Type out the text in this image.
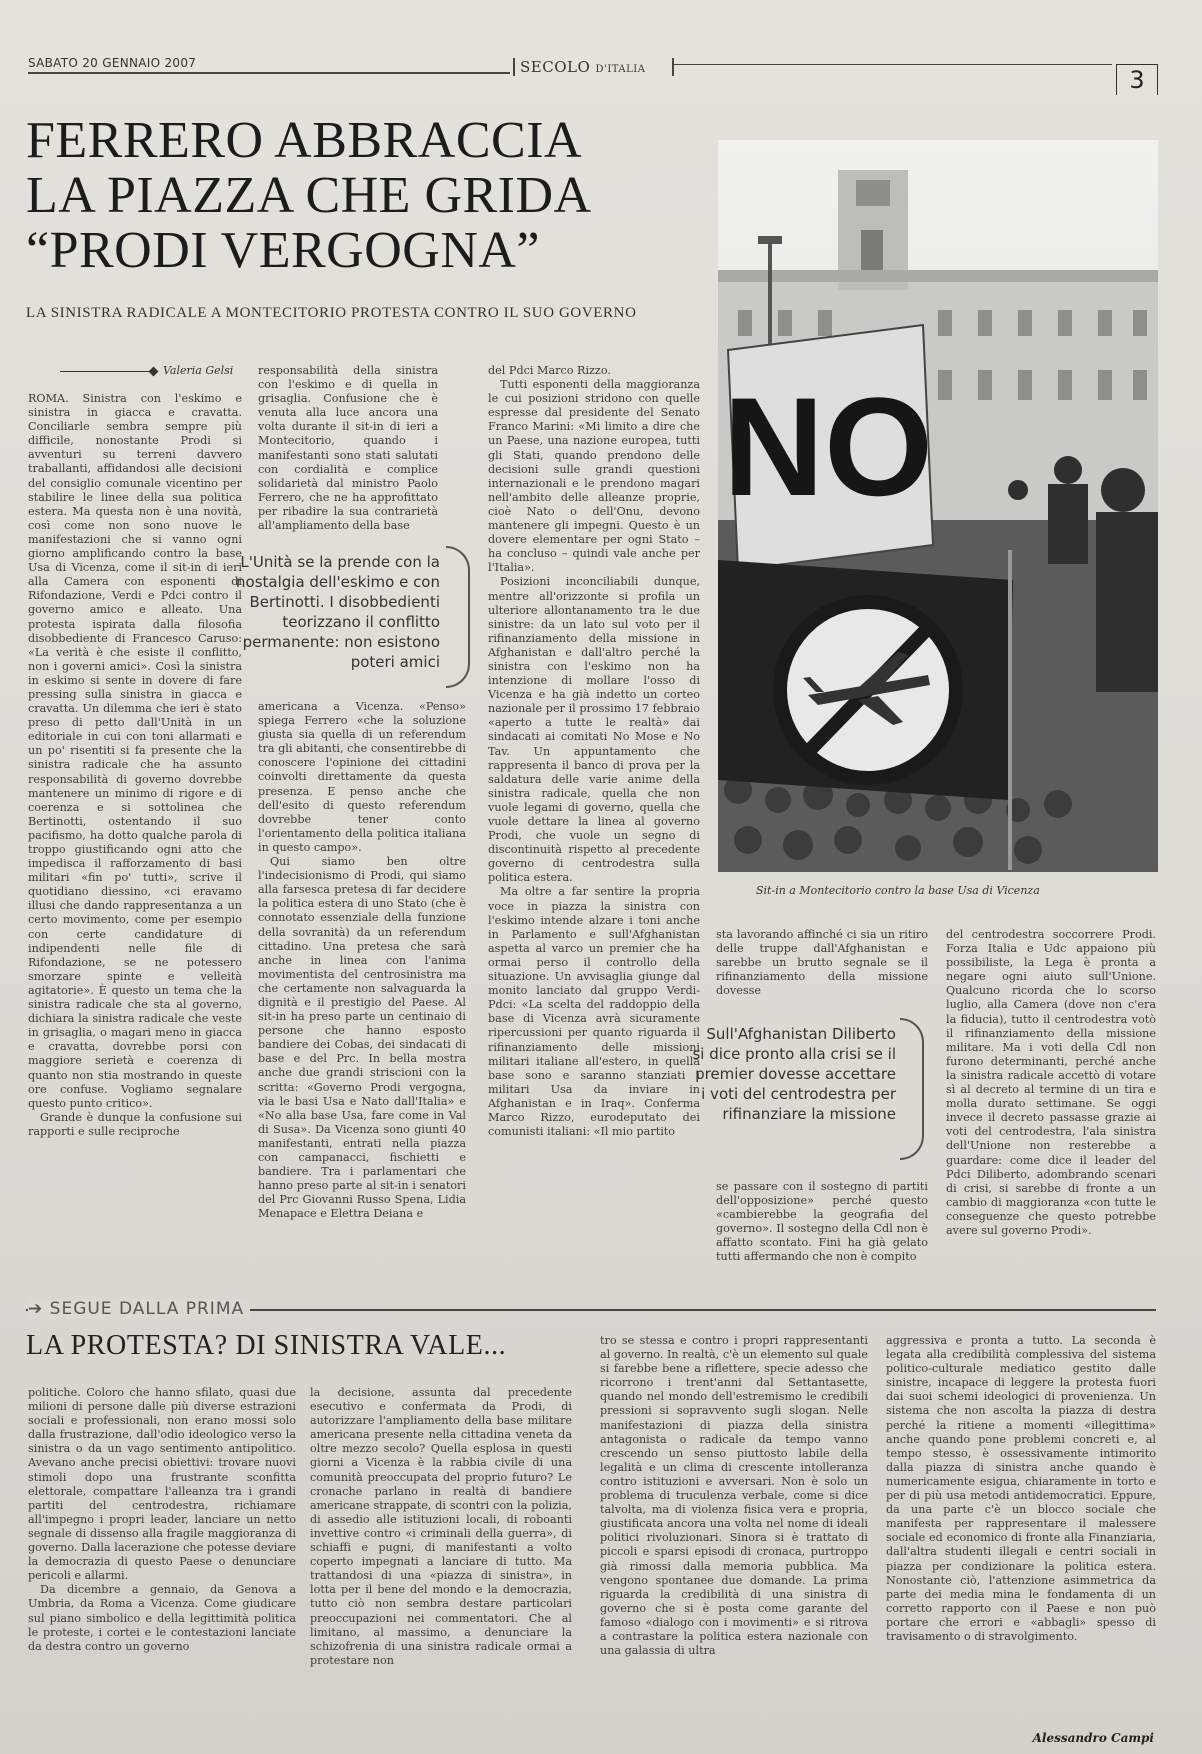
SABATO 20 GENNAIO 2007	SECOLO D'ITALIA	3
FERRERO ABBRACCIA
LA PIAZZA CHE GRIDA
“PRODI VERGOGNA”
LA SINISTRA RADICALE A MONTECITORIO PROTESTA CONTRO IL SUO GOVERNO
NO
Sit-in a Montecitorio contro la base Usa di Vicenza
Valeria Gelsi

ROMA. Sinistra con l'eskimo e sinistra in giacca e cravatta. Conciliarle sembra sempre più difficile, nonostante Prodi si avventuri su terreni davvero traballanti, affidandosi alle decisioni del consiglio comunale vicentino per stabilire le linee della sua politica estera. Ma questa non è una novità, così come non sono nuove le manifestazioni che si vanno ogni giorno amplificando contro la base Usa di Vicenza, come il sit-in di ieri alla Camera con esponenti di Rifondazione, Verdi e Pdci contro il governo amico e alleato. Una protesta ispirata dalla filosofia disobbediente di Francesco Caruso: «La verità è che esiste il conflitto, non i governi amici». Così la sinistra in eskimo si sente in dovere di fare pressing sulla sinistra in giacca e cravatta. Un dilemma che ieri è stato preso di petto dall'Unità in un editoriale in cui con toni allarmati e un po' risentiti si fa presente che la sinistra radicale che ha assunto responsabilità di governo dovrebbe mantenere un minimo di rigore e di coerenza e si sottolinea che Bertinotti, ostentando il suo pacifismo, ha dotto qualche parola di troppo giustificando ogni atto che impedisca il rafforzamento di basi militari «fin po' tutti», scrive il quotidiano diessino, «ci eravamo illusi che dando rappresentanza a un certo movimento, come per esempio con certe candidature di indipendenti nelle file di Rifondazione, se ne potessero smorzare spinte e velleità agitatorie». È questo un tema che la sinistra radicale che sta al governo, dichiara la sinistra radicale che veste in grisaglia, o magari meno in giacca e cravatta, dovrebbe porsi con maggiore serietà e coerenza di quanto non stia mostrando in queste ore confuse. Vogliamo segnalare questo punto critico».

Grande è dunque la confusione sui rapporti e sulle reciproche

responsabilità della sinistra con l'eskimo e di quella in grisaglia. Confusione che è venuta alla luce ancora una volta durante il sit-in di ieri a Montecitorio, quando i manifestanti sono stati salutati con cordialità e complice solidarietà dal ministro Paolo Ferrero, che ne ha approfittato per ribadire la sua contrarietà all'ampliamento della base

americana a Vicenza. «Penso» spiega Ferrero «che la soluzione giusta sia quella di un referendum tra gli abitanti, che consentirebbe di conoscere l'opinione dei cittadini coinvolti direttamente da questa presenza. E penso anche che dell'esito di questo referendum dovrebbe tener conto l'orientamento della politica italiana in questo campo».

Qui siamo ben oltre l'indecisionismo di Prodi, qui siamo alla farsesca pretesa di far decidere la politica estera di uno Stato (che è connotato essenziale della funzione della sovranità) da un referendum cittadino. Una pretesa che sarà anche in linea con l'anima movimentista del centrosinistra ma che certamente non salvaguarda la dignità e il prestigio del Paese. Al sit-in ha preso parte un centinaio di persone che hanno esposto bandiere dei Cobas, dei sindacati di base e del Prc. In bella mostra anche due grandi striscioni con la scritta: «Governo Prodi vergogna, via le basi Usa e Nato dall'Italia» e «No alla base Usa, fare come in Val di Susa». Da Vicenza sono giunti 40 manifestanti, entrati nella piazza con campanacci, fischietti e bandiere. Tra i parlamentari che hanno preso parte al sit-in i senatori del Prc Giovanni Russo Spena, Lidia Menapace e Elettra Deiana e

del Pdci Marco Rizzo.

Tutti esponenti della maggioranza le cui posizioni stridono con quelle espresse dal presidente del Senato Franco Marini: «Mi limito a dire che un Paese, una nazione europea, tutti gli Stati, quando prendono delle decisioni sulle grandi questioni internazionali e le prendono magari nell'ambito delle alleanze proprie, cioè Nato o dell'Onu, devono mantenere gli impegni. Questo è un dovere elementare per ogni Stato – ha concluso – quindi vale anche per l'Italia».

Posizioni inconciliabili dunque, mentre all'orizzonte si profila un ulteriore allontanamento tra le due sinistre: da un lato sul voto per il rifinanziamento della missione in Afghanistan e dall'altro perché la sinistra con l'eskimo non ha intenzione di mollare l'osso di Vicenza e ha già indetto un corteo nazionale per il prossimo 17 febbraio «aperto a tutte le realtà» dai sindacati ai comitati No Mose e No Tav. Un appuntamento che rappresenta il banco di prova per la saldatura delle varie anime della sinistra radicale, quella che non vuole legami di governo, quella che vuole dettare la linea al governo Prodi, che vuole un segno di discontinuità rispetto al precedente governo di centrodestra sulla politica estera.

Ma oltre a far sentire la propria voce in piazza la sinistra con l'eskimo intende alzare i toni anche in Parlamento e sull'Afghanistan aspetta al varco un premier che ha ormai perso il controllo della situazione. Un avvisaglia giunge dal monito lanciato dal gruppo Verdi-Pdci: «La scelta del raddoppio della base di Vicenza avrà sicuramente ripercussioni per quanto riguarda il rifinanziamento delle missioni militari italiane all'estero, in quella base sono e saranno stanziati i militari Usa da inviare in Afghanistan e in Iraq». Conferma Marco Rizzo, eurodeputato dei comunisti italiani: «Il mio partito

sta lavorando affinché ci sia un ritiro delle truppe dall'Afghanistan e sarebbe un brutto segnale se il rifinanziamento della missione dovesse

se passare con il sostegno di partiti dell'opposizione» perché questo «cambierebbe la geografia del governo». Il sostegno della Cdl non è affatto scontato. Fini ha già gelato tutti affermando che non è compito

del centrodestra soccorrere Prodi. Forza Italia e Udc appaiono più possibiliste, la Lega è pronta a negare ogni aiuto sull'Unione. Qualcuno ricorda che lo scorso luglio, alla Camera (dove non c'era la fiducia), tutto il centrodestra votò il rifinanziamento della missione militare. Ma i voti della Cdl non furono determinanti, perché anche la sinistra radicale accettò di votare sì al decreto al termine di un tira e molla durato settimane. Se oggi invece il decreto passasse grazie ai voti del centrodestra, l'ala sinistra dell'Unione non resterebbe a guardare: come dice il leader del Pdci Diliberto, adombrando scenari di crisi, si sarebbe di fronte a un cambio di maggioranza «con tutte le conseguenze che questo potrebbe avere sul governo Prodi».

L'Unità se la prende con la nostalgia dell'eskimo e con Bertinotti. I disobbedienti teorizzano il conflitto permanente: non esistono poteri amici
Sull'Afghanistan Diliberto si dice pronto alla crisi se il premier dovesse accettare i voti del centrodestra per rifinanziare la missione
➔ SEGUE DALLA PRIMA
LA PROTESTA? DI SINISTRA VALE...

politiche. Coloro che hanno sfilato, quasi due milioni di persone dalle più diverse estrazioni sociali e professionali, non erano mossi solo dalla frustrazione, dall'odio ideologico verso la sinistra o da un vago sentimento antipolitico. Avevano anche precisi obiettivi: trovare nuovi stimoli dopo una frustrante sconfitta elettorale, compattare l'alleanza tra i grandi partiti del centrodestra, richiamare all'impegno i propri leader, lanciare un netto segnale di dissenso alla fragile maggioranza di governo. Dalla lacerazione che potesse deviare la democrazia di questo Paese o denunciare pericoli e allarmi.

Da dicembre a gennaio, da Genova a Umbria, da Roma a Vicenza. Come giudicare sul piano simbolico e della legittimità politica le proteste, i cortei e le contestazioni lanciate da destra contro un governo

la decisione, assunta dal precedente esecutivo e confermata da Prodi, di autorizzare l'ampliamento della base militare americana presente nella cittadina veneta da oltre mezzo secolo? Quella esplosa in questi giorni a Vicenza è la rabbia civile di una comunità preoccupata del proprio futuro? Le cronache parlano in realtà di bandiere americane strappate, di scontri con la polizia, di assedio alle istituzioni locali, di roboanti invettive contro «i criminali della guerra», di schiaffi e pugni, di manifestanti a volto coperto impegnati a lanciare di tutto. Ma trattandosi di una «piazza di sinistra», in lotta per il bene del mondo e la democrazia, tutto ciò non sembra destare particolari preoccupazioni nei commentatori. Che al limitano, al massimo, a denunciare la schizofrenia di una sinistra radicale ormai a protestare non

tro se stessa e contro i propri rappresentanti al governo. In realtà, c'è un elemento sul quale si farebbe bene a riflettere, specie adesso che ricorrono i trent'anni dal Settantasette, quando nel mondo dell'estremismo le credibili pressioni si sopravvento sugli slogan. Nelle manifestazioni di piazza della sinistra antagonista o radicale da tempo vanno crescendo un senso piuttosto labile della legalità e un clima di crescente intolleranza contro istituzioni e avversari. Non è solo un problema di truculenza verbale, come si dice talvolta, ma di violenza fisica vera e propria, giustificata ancora una volta nel nome di ideali politici rivoluzionari. Sinora si è trattato di piccoli e sparsi episodi di cronaca, purtroppo già rimossi dalla memoria pubblica. Ma vengono spontanee due domande. La prima riguarda la credibilità di una sinistra di governo che si è posta come garante del famoso «dialogo con i movimenti» e si ritrova a contrastare la politica estera nazionale con una galassia di ultra

aggressiva e pronta a tutto. La seconda è legata alla credibilità complessiva del sistema politico-culturale mediatico gestito dalle sinistre, incapace di leggere la protesta fuori dai suoi schemi ideologici di provenienza. Un sistema che non ascolta la piazza di destra perché la ritiene a momenti «illegittima» anche quando pone problemi concreti e, al tempo stesso, è ossessivamente intimorito dalla piazza di sinistra anche quando è numericamente esigua, chiaramente in torto e per di più usa metodi antidemocratici. Eppure, da una parte c'è un blocco sociale che manifesta per rappresentare il malessere sociale ed economico di fronte alla Finanziaria, dall'altra studenti illegali e centri sociali in piazza per condizionare la politica estera. Nonostante ciò, l'attenzione asimmetrica da parte dei media mina le fondamenta di un corretto rapporto con il Paese e non può portare che errori e «abbagli» spesso di travisamento o di stravolgimento.

Alessandro Campi
